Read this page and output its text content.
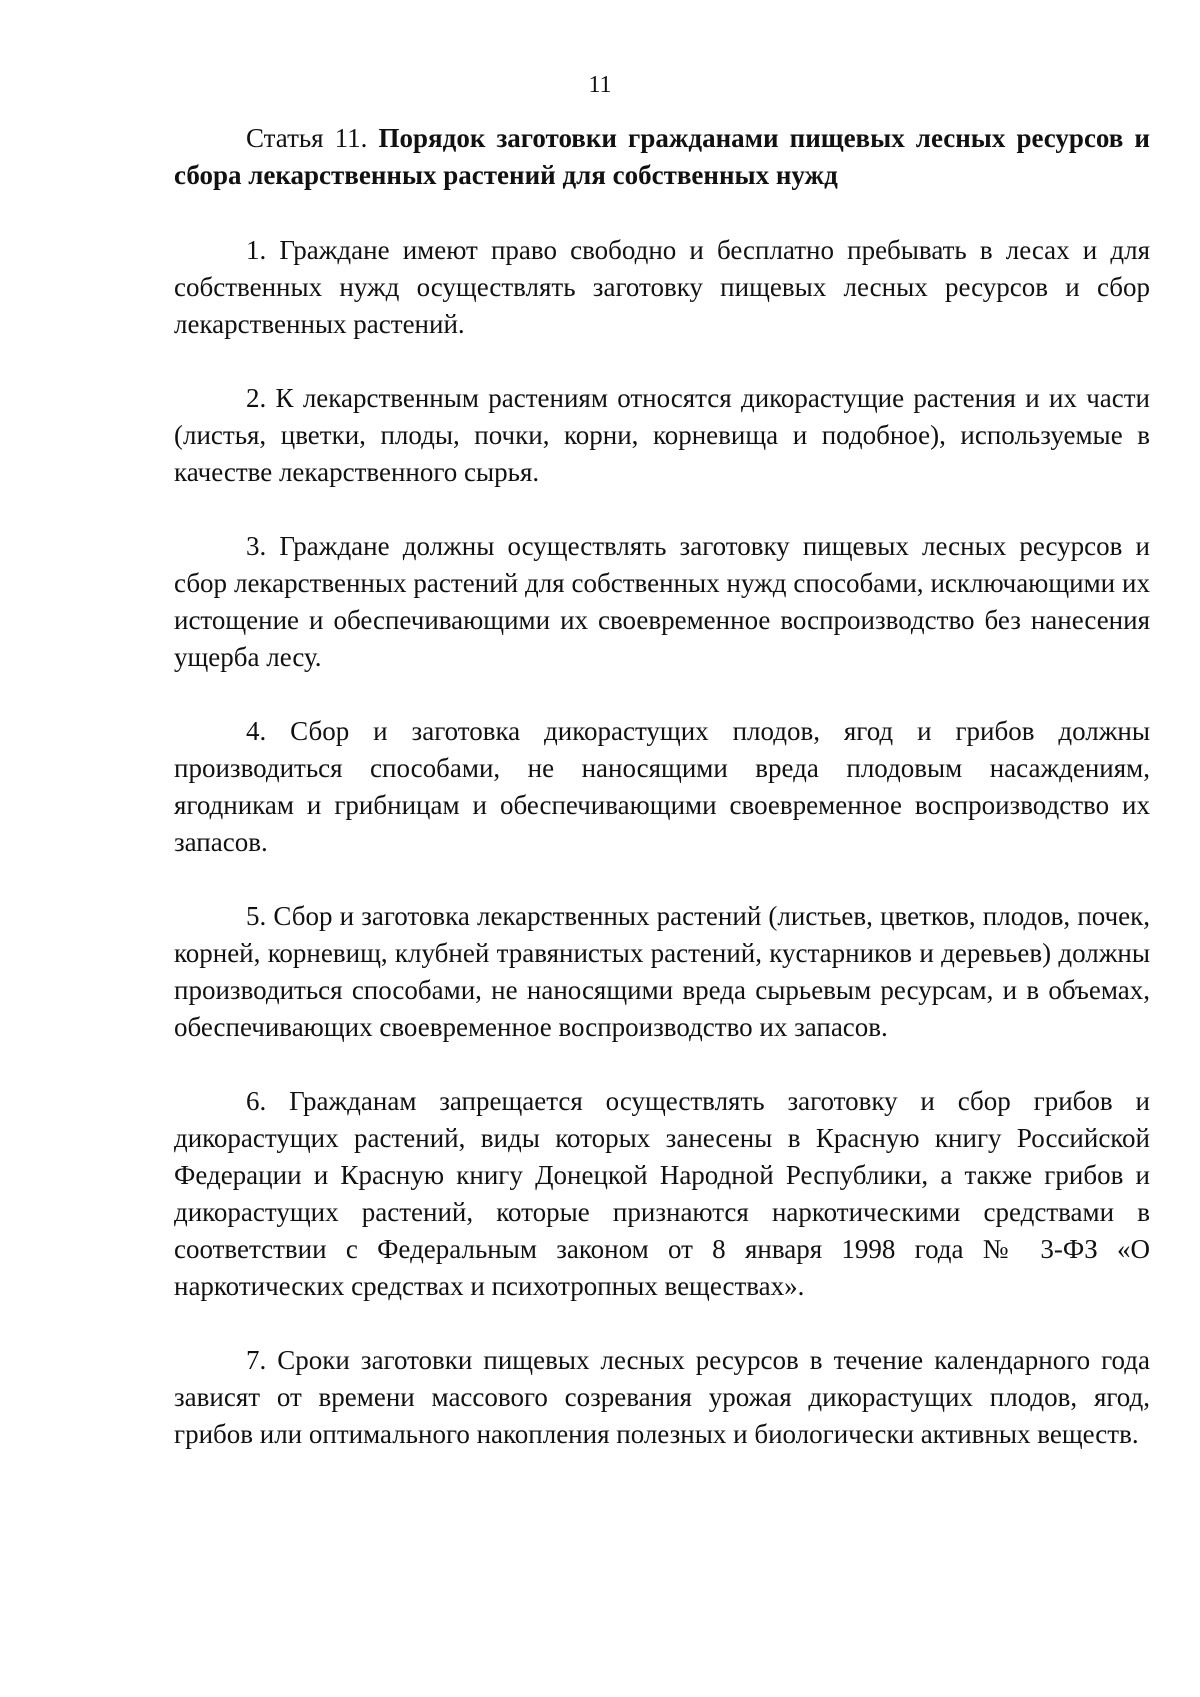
11

Статья 11. Порядок заготовки гражданами пищевых лесных ресурсов и сбора лекарственных растений для собственных нужд

1. Граждане имеют право свободно и бесплатно пребывать в лесах и для собственных нужд осуществлять заготовку пищевых лесных ресурсов и сбор лекарственных растений.

2. К лекарственным растениям относятся дикорастущие растения и их части (листья, цветки, плоды, почки, корни, корневища и подобное), используемые в качестве лекарственного сырья.

3. Граждане должны осуществлять заготовку пищевых лесных ресурсов и сбор лекарственных растений для собственных нужд способами, исключающими их истощение и обеспечивающими их своевременное воспроизводство без нанесения ущерба лесу.

4. Сбор и заготовка дикорастущих плодов, ягод и грибов должны производиться способами, не наносящими вреда плодовым насаждениям, ягодникам и грибницам и обеспечивающими своевременное воспроизводство их запасов.

5. Сбор и заготовка лекарственных растений (листьев, цветков, плодов, почек, корней, корневищ, клубней травянистых растений, кустарников и деревьев) должны производиться способами, не наносящими вреда сырьевым ресурсам, и в объемах, обеспечивающих своевременное воспроизводство их запасов.

6. Гражданам запрещается осуществлять заготовку и сбор грибов и дикорастущих растений, виды которых занесены в Красную книгу Российской Федерации и Красную книгу Донецкой Народной Республики, а также грибов и дикорастущих растений, которые признаются наркотическими средствами в соответствии с Федеральным законом от 8 января 1998 года № 3-ФЗ «О наркотических средствах и психотропных веществах».

7. Сроки заготовки пищевых лесных ресурсов в течение календарного года зависят от времени массового созревания урожая дикорастущих плодов, ягод, грибов или оптимального накопления полезных и биологически активных веществ.
